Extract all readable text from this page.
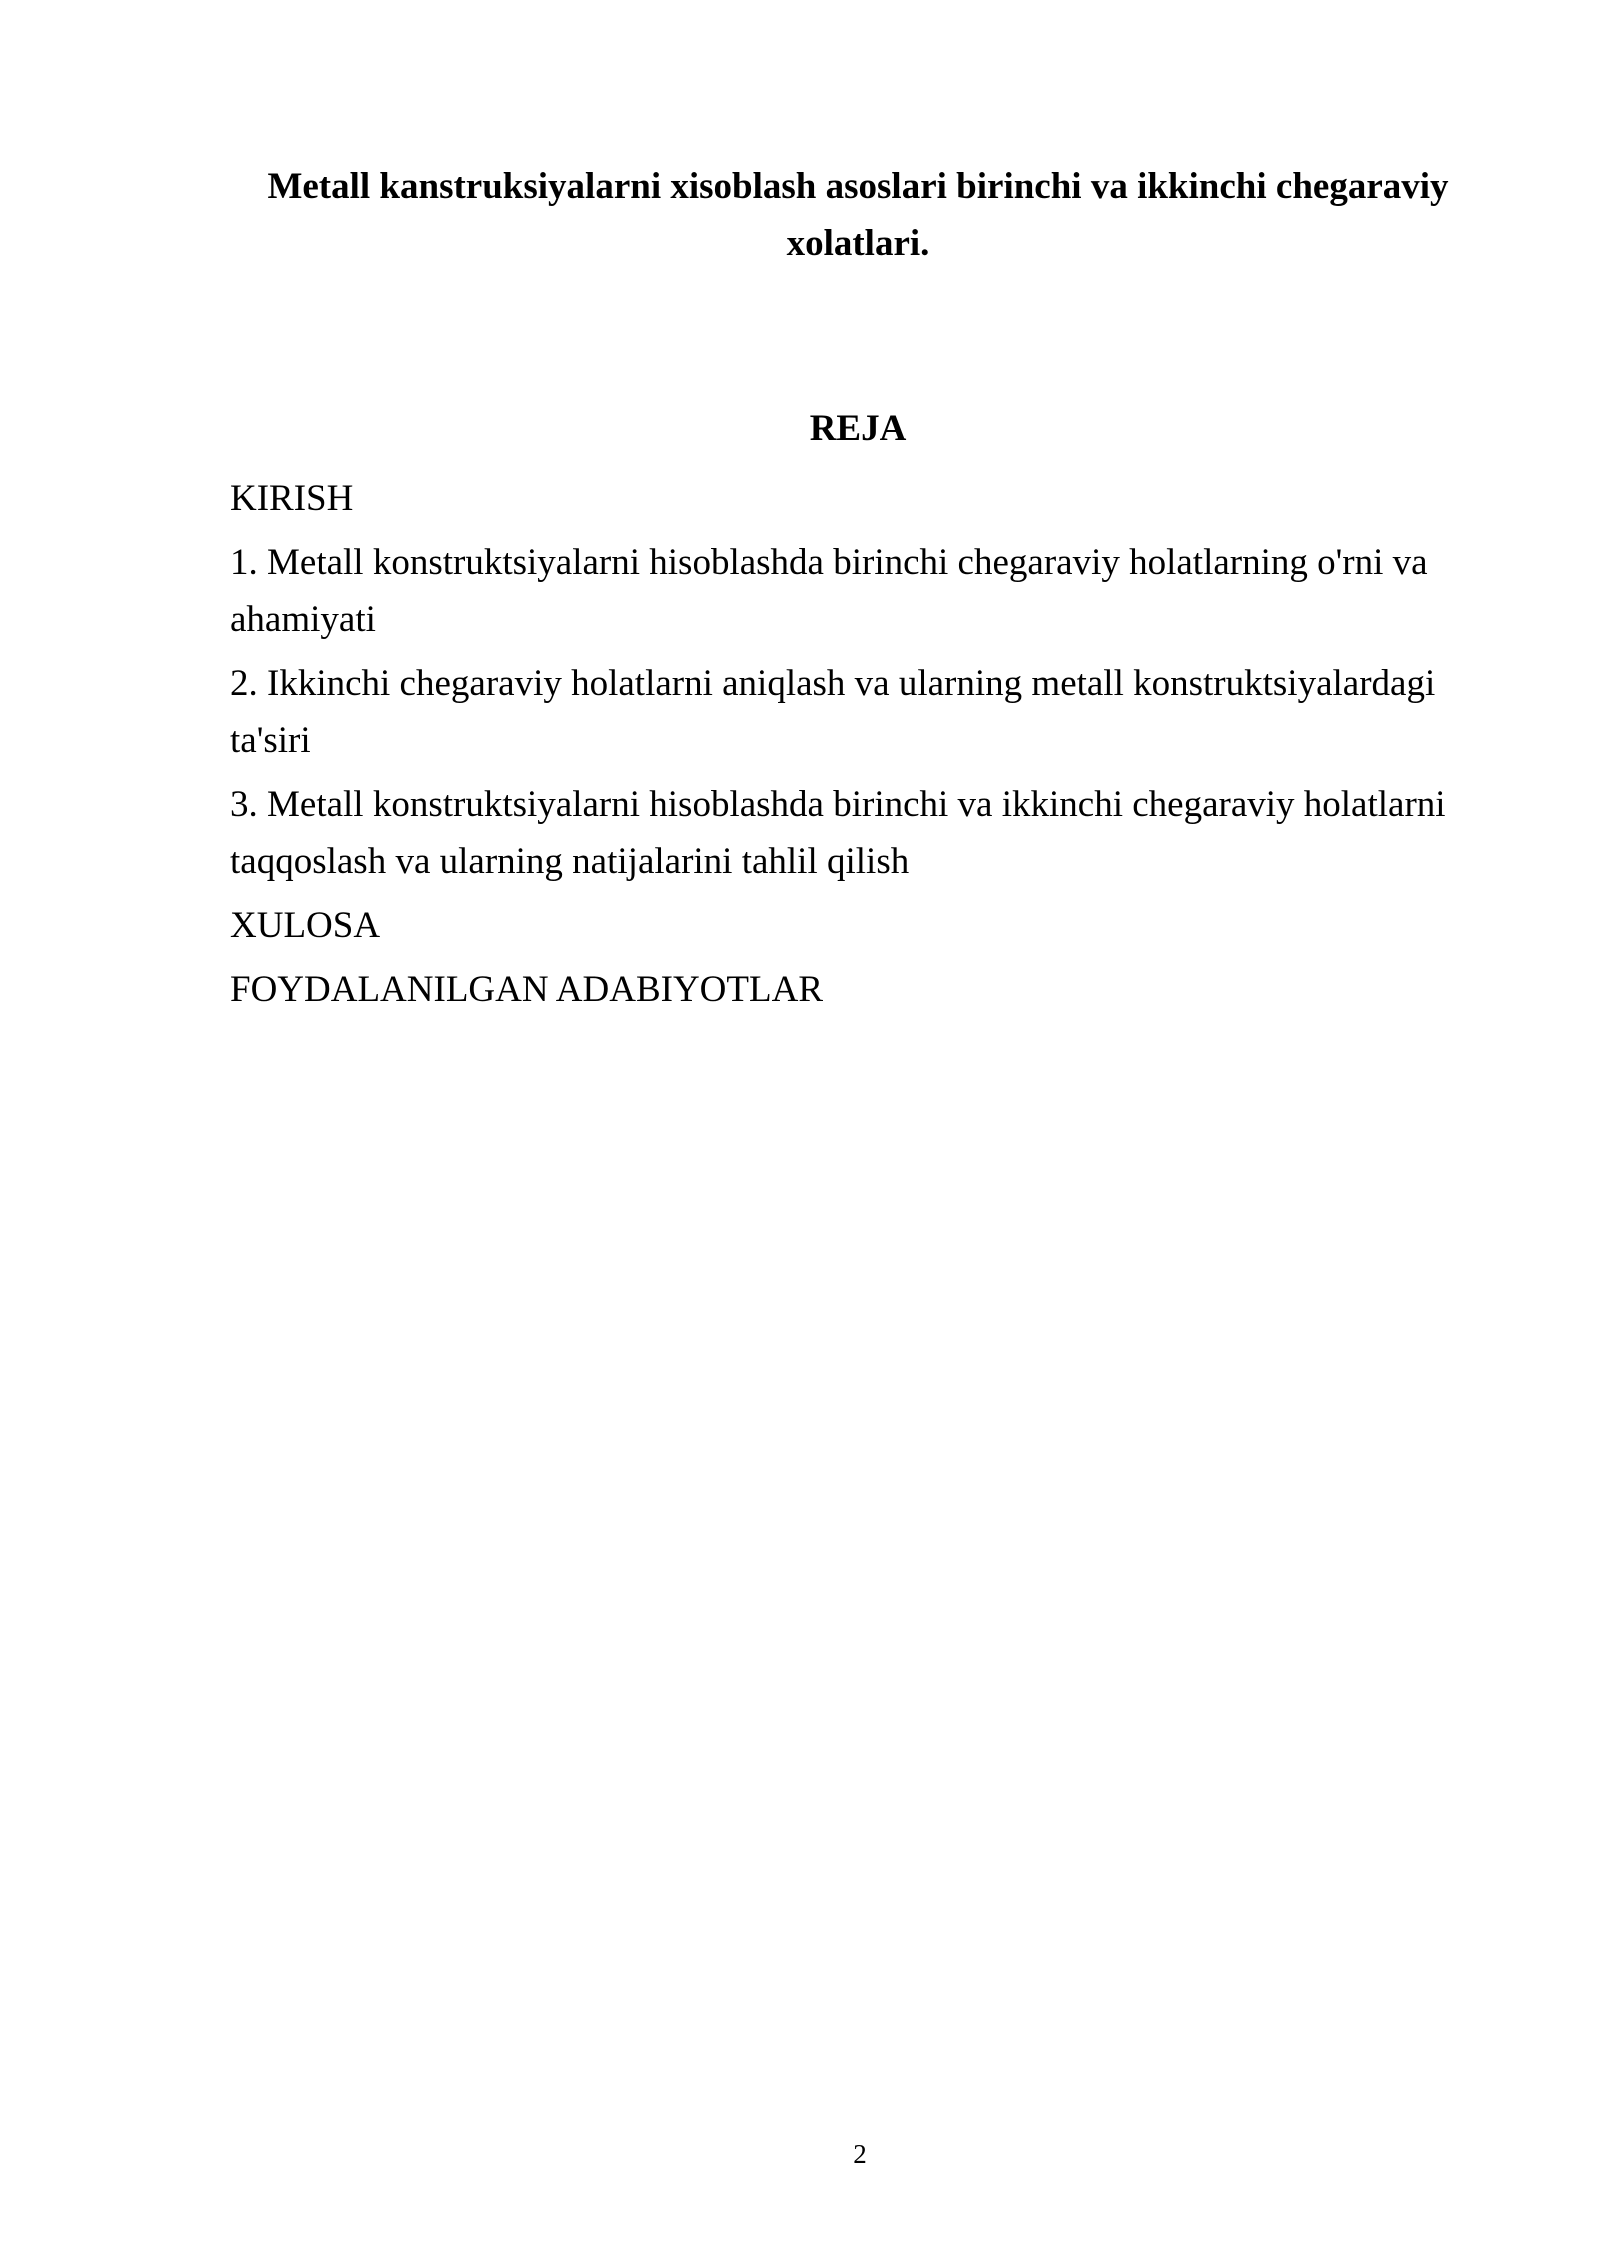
Metall kanstruksiyalarni xisoblash asoslari birinchi va ikkinchi chegaraviy xolatlari.
REJA
KIRISH
1. Metall konstruktsiyalarni hisoblashda birinchi chegaraviy holatlarning o'rni va ahamiyati
2. Ikkinchi chegaraviy holatlarni aniqlash va ularning metall konstruktsiyalardagi ta'siri
3. Metall konstruktsiyalarni hisoblashda birinchi va ikkinchi chegaraviy holatlarni taqqoslash va ularning natijalarini tahlil qilish
XULOSA
FOYDALANILGAN ADABIYOTLAR
2
